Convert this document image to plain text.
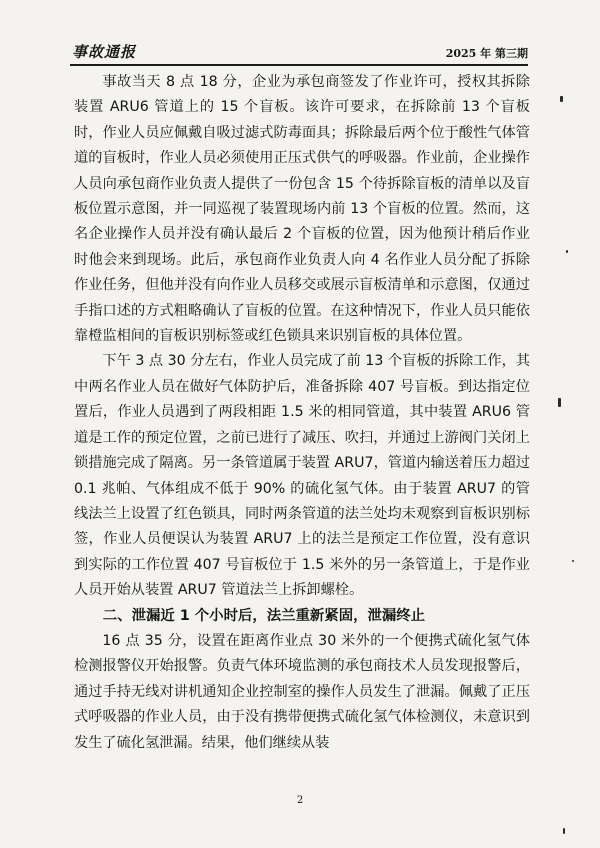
事故通报	2025 年 第三期

事故当天 8 点 18 分，企业为承包商签发了作业许可，授权其拆除装置 ARU6 管道上的 15 个盲板。该许可要求，在拆除前 13 个盲板时，作业人员应佩戴自吸过滤式防毒面具；拆除最后两个位于酸性气体管道的盲板时，作业人员必须使用正压式供气的呼吸器。作业前，企业操作人员向承包商作业负责人提供了一份包含 15 个待拆除盲板的清单以及盲板位置示意图，并一同巡视了装置现场内前 13 个盲板的位置。然而，这名企业操作人员并没有确认最后 2 个盲板的位置，因为他预计稍后作业时他会来到现场。此后，承包商作业负责人向 4 名作业人员分配了拆除作业任务，但他并没有向作业人员移交或展示盲板清单和示意图，仅通过手指口述的方式粗略确认了盲板的位置。在这种情况下，作业人员只能依靠橙监相间的盲板识别标签或红色锁具来识别盲板的具体位置。

下午 3 点 30 分左右，作业人员完成了前 13 个盲板的拆除工作，其中两名作业人员在做好气体防护后，准备拆除 407 号盲板。到达指定位置后，作业人员遇到了两段相距 1.5 米的相同管道，其中装置 ARU6 管道是工作的预定位置，之前已进行了减压、吹扫，并通过上游阀门关闭上锁措施完成了隔离。另一条管道属于装置 ARU7，管道内输送着压力超过 0.1 兆帕、气体组成不低于 90% 的硫化氢气体。由于装置 ARU7 的管线法兰上设置了红色锁具，同时两条管道的法兰处均未观察到盲板识别标签，作业人员便误认为装置 ARU7 上的法兰是预定工作位置，没有意识到实际的工作位置 407 号盲板位于 1.5 米外的另一条管道上，于是作业人员开始从装置 ARU7 管道法兰上拆卸螺栓。

二、泄漏近 1 个小时后，法兰重新紧固，泄漏终止

16 点 35 分，设置在距离作业点 30 米外的一个便携式硫化氢气体检测报警仪开始报警。负责气体环境监测的承包商技术人员发现报警后，通过手持无线对讲机通知企业控制室的操作人员发生了泄漏。佩戴了正压式呼吸器的作业人员，由于没有携带便携式硫化氢气体检测仪，未意识到发生了硫化氢泄漏。结果，他们继续从装

2
